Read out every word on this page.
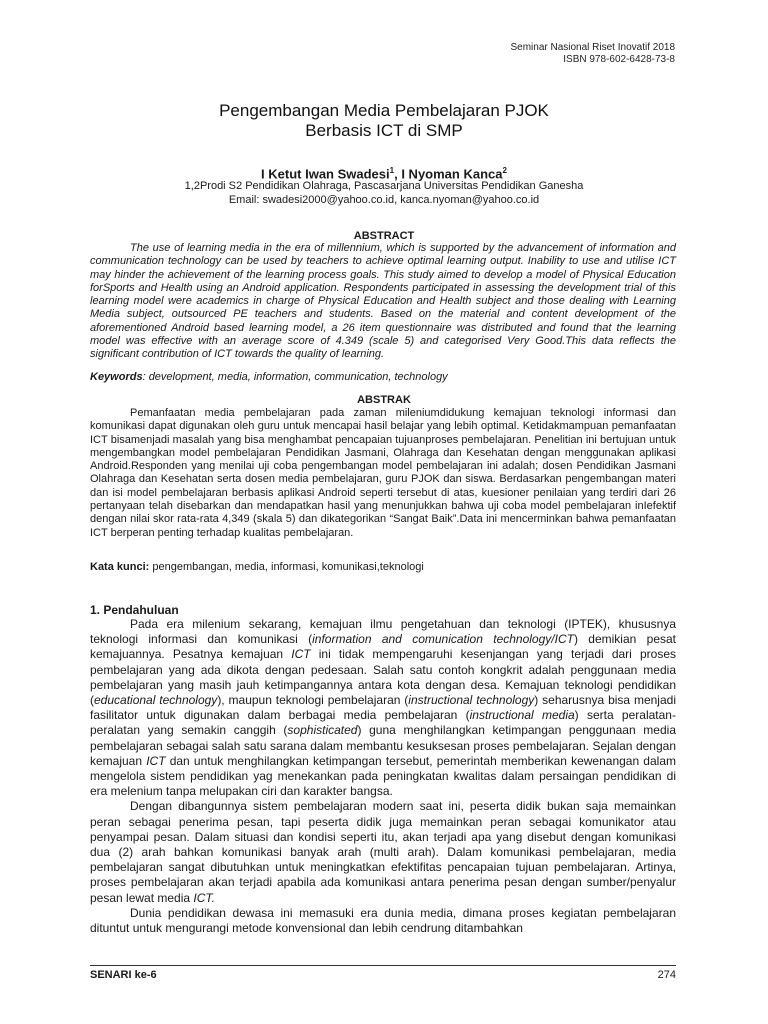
Seminar Nasional Riset Inovatif 2018
ISBN 978-602-6428-73-8
Pengembangan Media Pembelajaran PJOK
Berbasis ICT di SMP
I Ketut Iwan Swadesi$^1$, I Nyoman Kanca$^2$
1,2Prodi S2 Pendidikan Olahraga, Pascasarjana Universitas Pendidikan Ganesha
Email: swadesi2000@yahoo.co.id, kanca.nyoman@yahoo.co.id
ABSTRACT
The use of learning media in the era of millennium, which is supported by the advancement of information and communication technology can be used by teachers to achieve optimal learning output. Inability to use and utilise ICT may hinder the achievement of the learning process goals. This study aimed to develop a model of Physical Education forSports and Health using an Android application. Respondents participated in assessing the development trial of this learning model were academics in charge of Physical Education and Health subject and those dealing with Learning Media subject, outsourced PE teachers and students. Based on the material and content development of the aforementioned Android based learning model, a 26 item questionnaire was distributed and found that the learning model was effective with an average score of 4.349 (scale 5) and categorised Very Good.This data reflects the significant contribution of ICT towards the quality of learning.
Keywords: development, media, information, communication, technology
ABSTRAK
Pemanfaatan media pembelajaran pada zaman mileniumdidukung kemajuan teknologi informasi dan komunikasi dapat digunakan oleh guru untuk mencapai hasil belajar yang lebih optimal. Ketidakmampuan pemanfaatan ICT bisamenjadi masalah yang bisa menghambat pencapaian tujuanproses pembelajaran. Penelitian ini bertujuan untuk mengembangkan model pembelajaran Pendidikan Jasmani, Olahraga dan Kesehatan dengan menggunakan aplikasi Android.Responden yang menilai uji coba pengembangan model pembelajaran ini adalah; dosen Pendidikan Jasmani Olahraga dan Kesehatan serta dosen media pembelajaran, guru PJOK dan siswa. Berdasarkan pengembangan materi dan isi model pembelajaran berbasis aplikasi Android seperti tersebut di atas, kuesioner penilaian yang terdiri dari 26 pertanyaan telah disebarkan dan mendapatkan hasil yang menunjukkan bahwa uji coba model pembelajaran inIefektif dengan nilai skor rata-rata 4,349 (skala 5) dan dikategorikan “Sangat Baik”.Data ini mencerminkan bahwa pemanfaatan ICT berperan penting terhadap kualitas pembelajaran.
Kata kunci: pengembangan, media, informasi, komunikasi,teknologi
1. Pendahuluan

Pada era milenium sekarang, kemajuan ilmu pengetahuan dan teknologi (IPTEK), khususnya teknologi informasi dan komunikasi (information and comunication technology/ICT) demikian pesat kemajuannya. Pesatnya kemajuan ICT ini tidak mempengaruhi kesenjangan yang terjadi dari proses pembelajaran yang ada dikota dengan pedesaan. Salah satu contoh kongkrit adalah penggunaan media pembelajaran yang masih jauh ketimpangannya antara kota dengan desa. Kemajuan teknologi pendidikan (educational technology), maupun teknologi pembelajaran (instructional technology) seharusnya bisa menjadi fasilitator untuk digunakan dalam berbagai media pembelajaran (instructional media) serta peralatan-peralatan yang semakin canggih (sophisticated) guna menghilangkan ketimpangan penggunaan media pembelajaran sebagai salah satu sarana dalam membantu kesuksesan proses pembelajaran. Sejalan dengan kemajuan ICT dan untuk menghilangkan ketimpangan tersebut, pemerintah memberikan kewenangan dalam mengelola sistem pendidikan yag menekankan pada peningkatan kwalitas dalam persaingan pendidikan di era melenium tanpa melupakan ciri dan karakter bangsa.

Dengan dibangunnya sistem pembelajaran modern saat ini, peserta didik bukan saja memainkan peran sebagai penerima pesan, tapi peserta didik juga memainkan peran sebagai komunikator atau penyampai pesan. Dalam situasi dan kondisi seperti itu, akan terjadi apa yang disebut dengan komunikasi dua (2) arah bahkan komunikasi banyak arah (multi arah). Dalam komunikasi pembelajaran, media pembelajaran sangat dibutuhkan untuk meningkatkan efektifitas pencapaian tujuan pembelajaran. Artinya, proses pembelajaran akan terjadi apabila ada komunikasi antara penerima pesan dengan sumber/penyalur pesan lewat media ICT.

Dunia pendidikan dewasa ini memasuki era dunia media, dimana proses kegiatan pembelajaran dituntut untuk mengurangi metode konvensional dan lebih cendrung ditambahkan

SENARI ke-6	274
